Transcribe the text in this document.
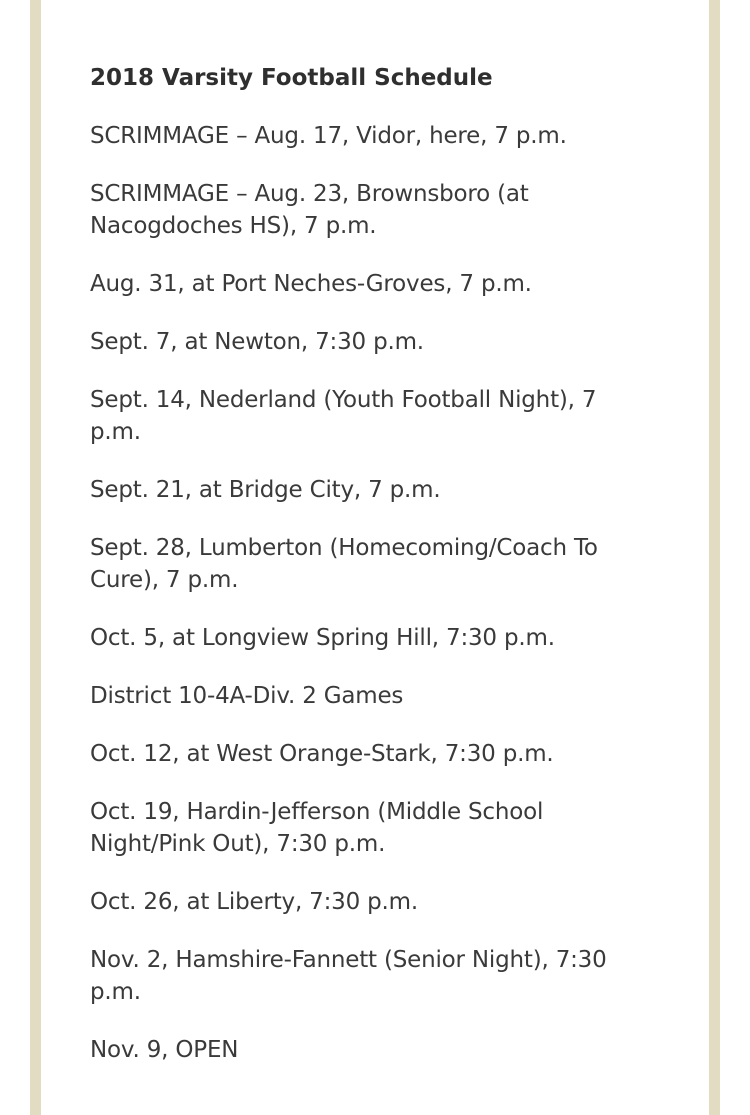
2018 Varsity Football Schedule

SCRIMMAGE – Aug. 17, Vidor, here, 7 p.m.

SCRIMMAGE – Aug. 23, Brownsboro (at Nacogdoches HS), 7 p.m.

Aug. 31, at Port Neches-Groves, 7 p.m.

Sept. 7, at Newton, 7:30 p.m.

Sept. 14, Nederland (Youth Football Night), 7 p.m.

Sept. 21, at Bridge City, 7 p.m.

Sept. 28, Lumberton (Homecoming/Coach To Cure), 7 p.m.

Oct. 5, at Longview Spring Hill, 7:30 p.m.

District 10-4A-Div. 2 Games

Oct. 12, at West Orange-Stark, 7:30 p.m.

Oct. 19, Hardin-Jefferson (Middle School Night/Pink Out), 7:30 p.m.

Oct. 26, at Liberty, 7:30 p.m.

Nov. 2, Hamshire-Fannett (Senior Night), 7:30 p.m.

Nov. 9, OPEN
